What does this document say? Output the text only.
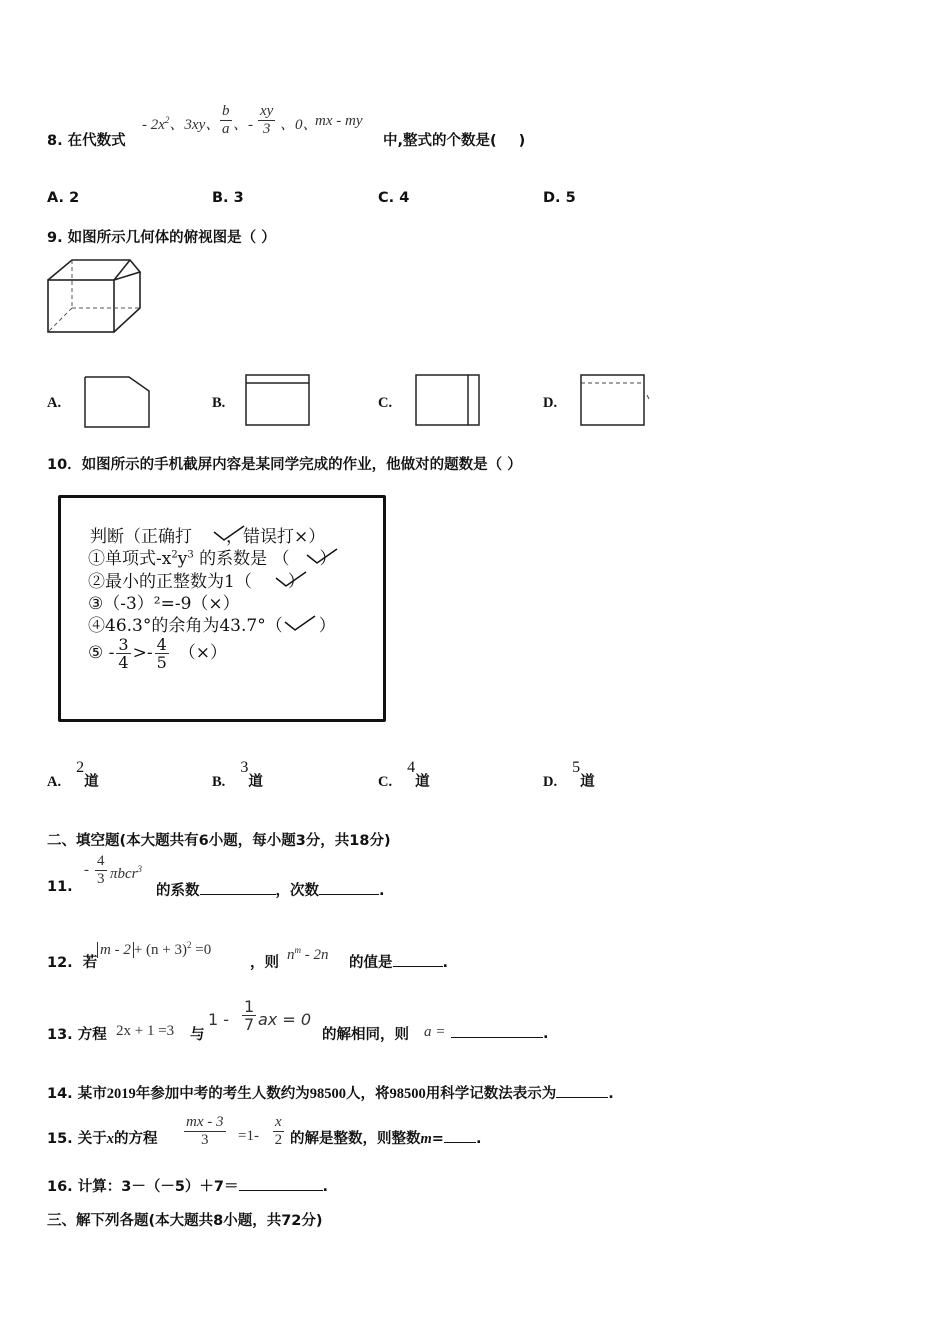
8. 在代数式
- $2x^2$、3xy、 $\frac{b}{a}$ 、- $\frac{xy}{3}$ 、0、
mx - my
中,整式的个数是( )
A. 2	B. 3	C. 4	D. 5
9. 如图所示几何体的俯视图是（ ）
A.	B.	C.	D.
10．如图所示的手机截屏内容是某同学完成的作业，他做对的题数是（ ）
判断（正确打 ，错误打×）
①单项式$-x^2y^3$ 的系数是 （ ）
②最小的正整数为1（ ）
③（-3）²=-9（×）
④46.3°的余角为43.7°（ ）
⑤ - $\frac{3}{4} >- \frac{4}{5}$ （×）
A. 2道	B. 3道	C. 4道	D. 5道
二、填空题(本大题共有6小题，每小题3分，共18分)
11.
- $\frac{4}{3} \pi bcr^3$
的系数	，次数	.
12. 若
$m - 2 + (n + 3)^2 =0$
，则 $n^m - 2n$ 的值是	.
13. 方程 2x + 1 =3 与
$1 - \frac{1}{7}$ ax = 0
的解相同，则 a =	.
14. 某市2019年参加中考的考生人数约为98500人，将98500用科学记数法表示为	.
15. 关于x的方程 $\frac{mx - 3}{3} =1- \frac{x}{2}$ 的解是整数，则整数m= .
16. 计算：3－（－5）＋7＝	.
三、解下列各题(本大题共8小题，共72分)
